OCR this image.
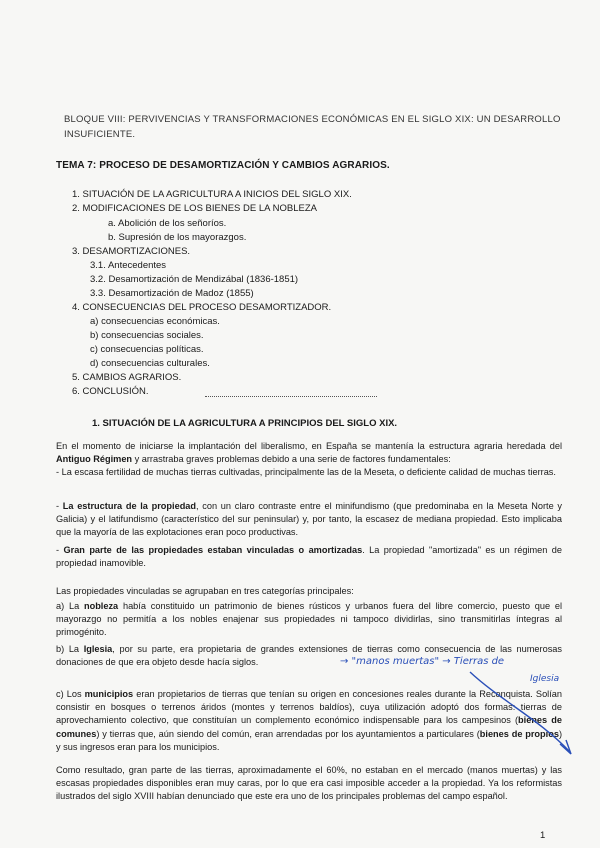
BLOQUE VIII: PERVIVENCIAS Y TRANSFORMACIONES ECONÓMICAS EN EL SIGLO XIX: UN DESARROLLO INSUFICIENTE.
TEMA 7: PROCESO DE DESAMORTIZACIÓN Y CAMBIOS AGRARIOS.
1. SITUACIÓN DE LA AGRICULTURA A INICIOS DEL SIGLO XIX.
2. MODIFICACIONES DE LOS BIENES DE LA NOBLEZA
a. Abolición de los señoríos.
b. Supresión de los mayorazgos.
3. DESAMORTIZACIONES.
3.1. Antecedentes
3.2. Desamortización de Mendizábal (1836-1851)
3.3. Desamortización de Madoz (1855)
4. CONSECUENCIAS DEL PROCESO DESAMORTIZADOR.
a) consecuencias económicas.
b) consecuencias sociales.
c) consecuencias políticas.
d) consecuencias culturales.
5. CAMBIOS AGRARIOS.
6. CONCLUSIÓN.
1. SITUACIÓN DE LA AGRICULTURA A PRINCIPIOS DEL SIGLO XIX.
En el momento de iniciarse la implantación del liberalismo, en España se mantenía la estructura agraria heredada del Antiguo Régimen y arrastraba graves problemas debido a una serie de factores fundamentales:
- La escasa fertilidad de muchas tierras cultivadas, principalmente las de la Meseta, o deficiente calidad de muchas tierras.
- La estructura de la propiedad, con un claro contraste entre el minifundismo (que predominaba en la Meseta Norte y Galicia) y el latifundismo (característico del sur peninsular) y, por tanto, la escasez de mediana propiedad. Esto implicaba que la mayoría de las explotaciones eran poco productivas.
- Gran parte de las propiedades estaban vinculadas o amortizadas. La propiedad "amortizada" es un régimen de propiedad inamovible.
Las propiedades vinculadas se agrupaban en tres categorías principales:
a) La nobleza había constituido un patrimonio de bienes rústicos y urbanos fuera del libre comercio, puesto que el mayorazgo no permitía a los nobles enajenar sus propiedades ni tampoco dividirlas, sino transmitirlas íntegras al primogénito.
b) La Iglesia, por su parte, era propietaria de grandes extensiones de tierras como consecuencia de las numerosas donaciones de que era objeto desde hacía siglos.
c) Los municipios eran propietarios de tierras que tenían su origen en concesiones reales durante la Reconquista. Solían consistir en bosques o terrenos áridos (montes y terrenos baldíos), cuya utilización adoptó dos formas: tierras de aprovechamiento colectivo, que constituían un complemento económico indispensable para los campesinos (bienes de comunes) y tierras que, aún siendo del común, eran arrendadas por los ayuntamientos a particulares (bienes de propios) y sus ingresos eran para los municipios.
Como resultado, gran parte de las tierras, aproximadamente el 60%, no estaban en el mercado (manos muertas) y las escasas propiedades disponibles eran muy caras, por lo que era casi imposible acceder a la propiedad. Ya los reformistas ilustrados del siglo XVIII habían denunciado que este era uno de los principales problemas del campo español.
→ "manos muertas" → Tierras de
Iglesia
1
